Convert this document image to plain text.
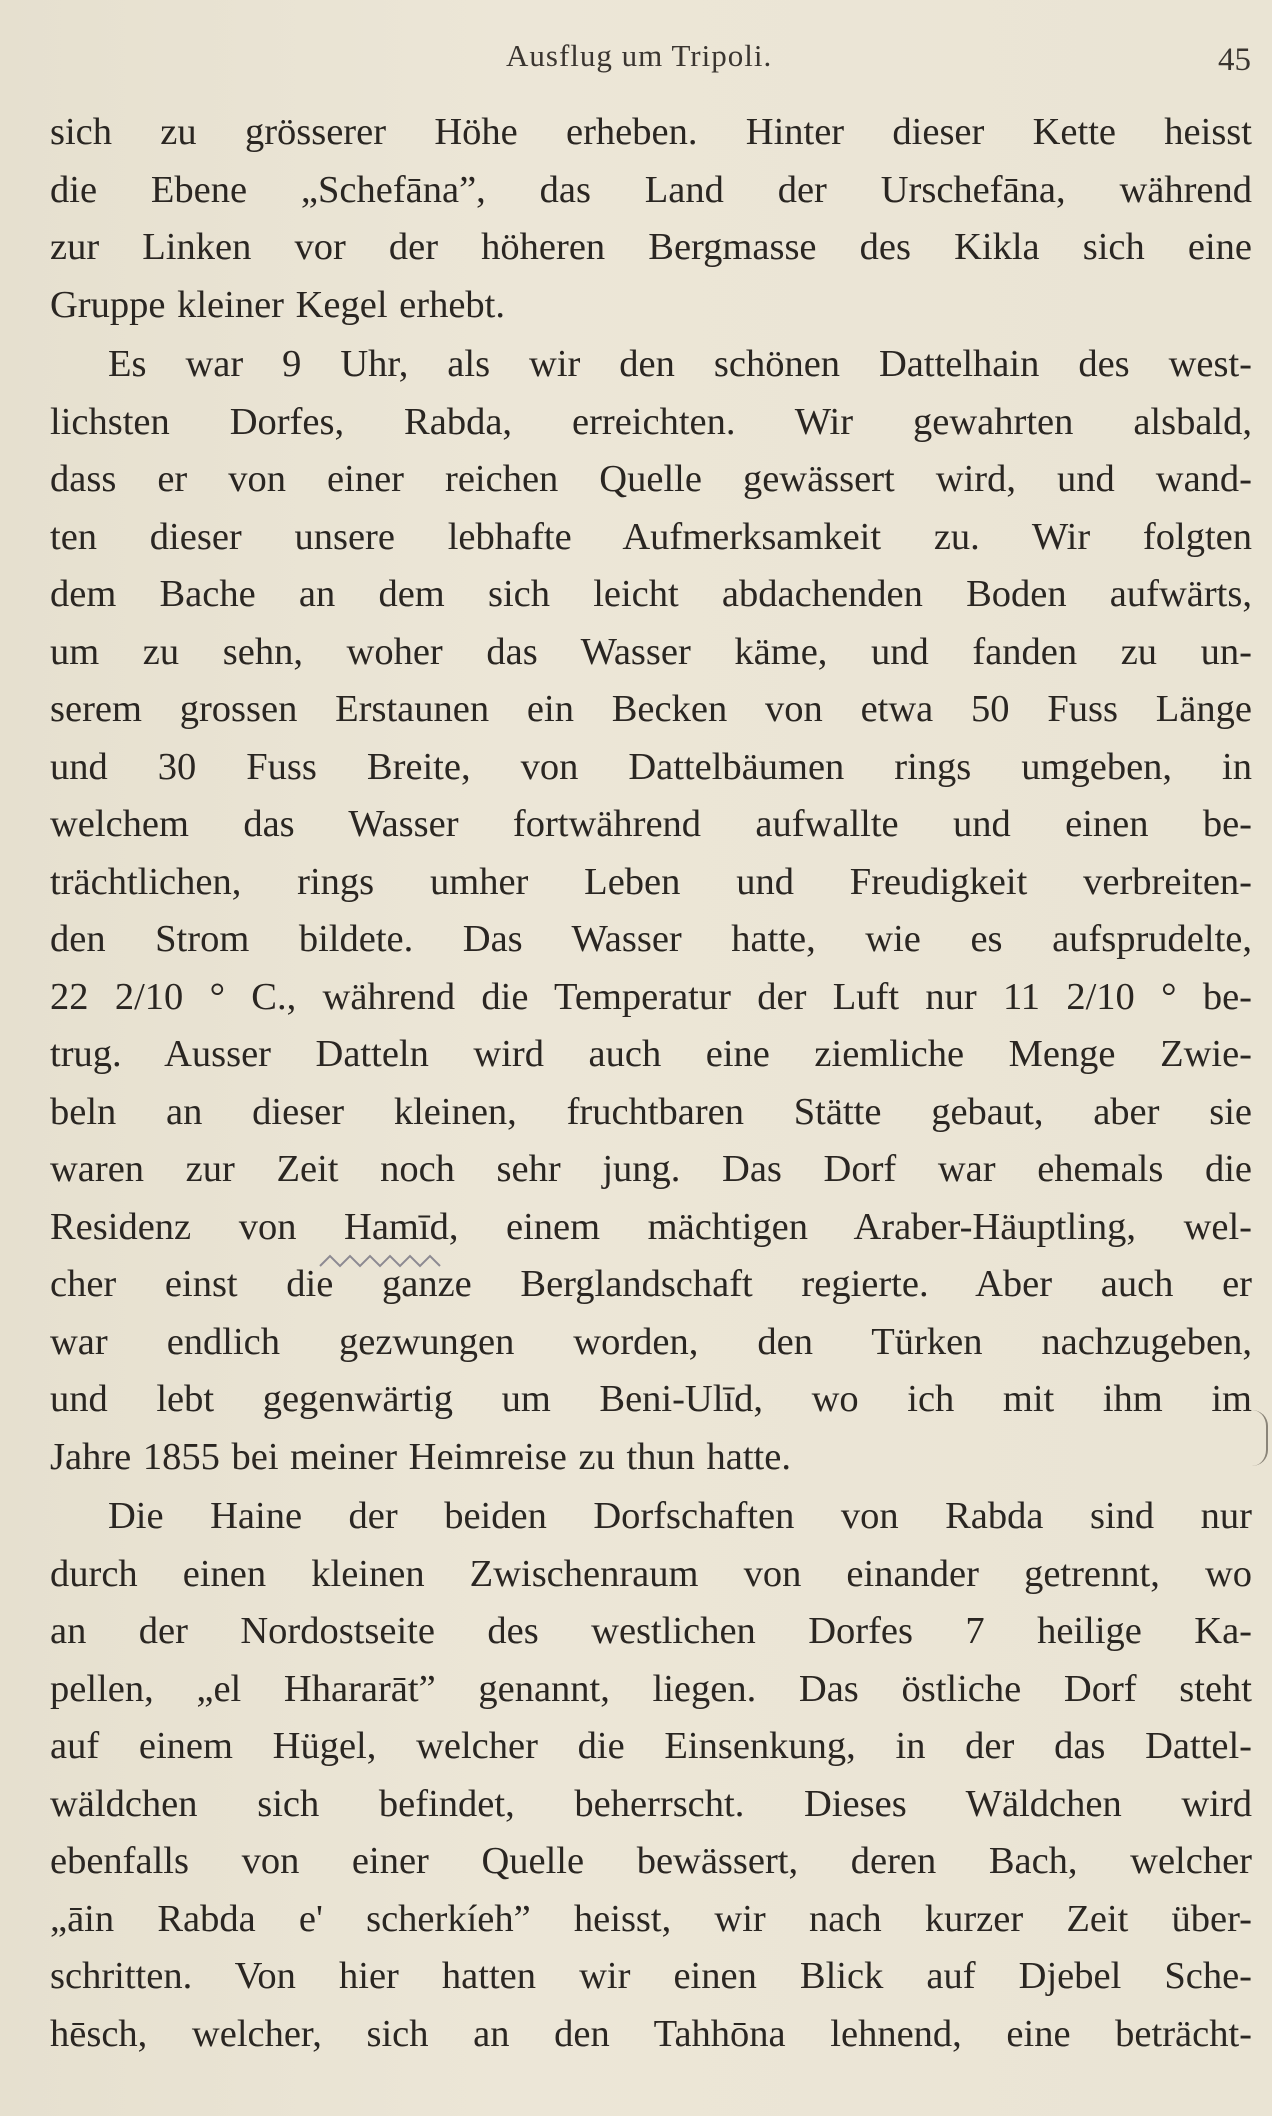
Ausflug um Tripoli.	45
sich zu grösserer Höhe erheben. Hinter dieser Kette heisst
die Ebene „Schefāna”, das Land der Urschefāna, während
zur Linken vor der höheren Bergmasse des Kikla sich eine
Gruppe kleiner Kegel erhebt.
Es war 9 Uhr, als wir den schönen Dattelhain des west-
lichsten Dorfes, Rabda, erreichten. Wir gewahrten alsbald,
dass er von einer reichen Quelle gewässert wird, und wand-
ten dieser unsere lebhafte Aufmerksamkeit zu. Wir folgten
dem Bache an dem sich leicht abdachenden Boden aufwärts,
um zu sehn, woher das Wasser käme, und fanden zu un-
serem grossen Erstaunen ein Becken von etwa 50 Fuss Länge
und 30 Fuss Breite, von Dattelbäumen rings umgeben, in
welchem das Wasser fortwährend aufwallte und einen be-
trächtlichen, rings umher Leben und Freudigkeit verbreiten-
den Strom bildete. Das Wasser hatte, wie es aufsprudelte,
22 2/10 ° C., während die Temperatur der Luft nur 11 2/10 ° be-
trug. Ausser Datteln wird auch eine ziemliche Menge Zwie-
beln an dieser kleinen, fruchtbaren Stätte gebaut, aber sie
waren zur Zeit noch sehr jung. Das Dorf war ehemals die
Residenz von Hamīd, einem mächtigen Araber-Häuptling, wel-
cher einst die ganze Berglandschaft regierte. Aber auch er
war endlich gezwungen worden, den Türken nachzugeben,
und lebt gegenwärtig um Beni-Ulīd, wo ich mit ihm im
Jahre 1855 bei meiner Heimreise zu thun hatte.
Die Haine der beiden Dorfschaften von Rabda sind nur
durch einen kleinen Zwischenraum von einander getrennt, wo
an der Nordostseite des westlichen Dorfes 7 heilige Ka-
pellen, „el Hhararāt” genannt, liegen. Das östliche Dorf steht
auf einem Hügel, welcher die Einsenkung, in der das Dattel-
wäldchen sich befindet, beherrscht. Dieses Wäldchen wird
ebenfalls von einer Quelle bewässert, deren Bach, welcher
„āin Rabda e' scherkíeh” heisst, wir nach kurzer Zeit über-
schritten. Von hier hatten wir einen Blick auf Djebel Sche-
hēsch, welcher, sich an den Tahhōna lehnend, eine beträcht-
